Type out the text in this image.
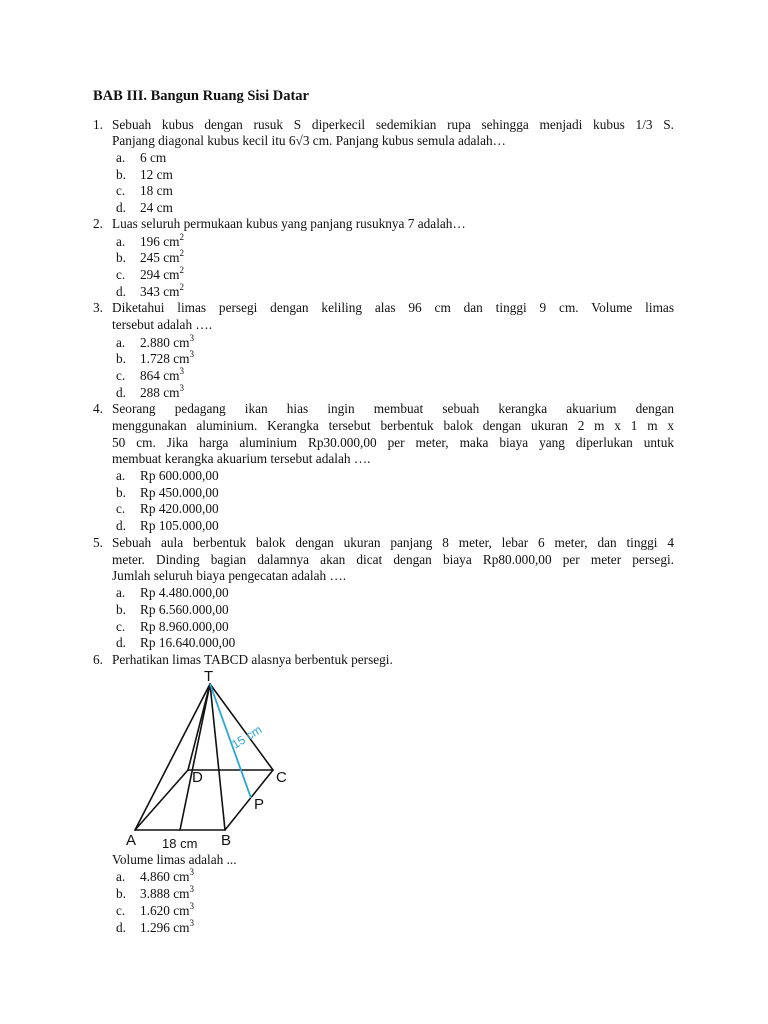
BAB III. Bangun Ruang Sisi Datar
1. Sebuah kubus dengan rusuk S diperkecil sedemikian rupa sehingga menjadi kubus 1/3 S.
Panjang diagonal kubus kecil itu 6√3 cm. Panjang kubus semula adalah…
a. 6 cm
b. 12 cm
c. 18 cm
d. 24 cm
2. Luas seluruh permukaan kubus yang panjang rusuknya 7 adalah…
a. 196 $cm^2$
b. 245 $cm^2$
c. 294 $cm^2$
d. 343 $cm^2$
3. Diketahui limas persegi dengan keliling alas 96 cm dan tinggi 9 cm. Volume limas
tersebut adalah ….
a. 2.880 $cm^3$
b. 1.728 $cm^3$
c. 864 $cm^3$
d. 288 $cm^3$
4. Seorang pedagang ikan hias ingin membuat sebuah kerangka akuarium dengan
menggunakan aluminium. Kerangka tersebut berbentuk balok dengan ukuran 2 m x 1 m x
50 cm. Jika harga aluminium Rp30.000,00 per meter, maka biaya yang diperlukan untuk
membuat kerangka akuarium tersebut adalah ….
a. Rp 600.000,00
b. Rp 450.000,00
c. Rp 420.000,00
d. Rp 105.000,00
5. Sebuah aula berbentuk balok dengan ukuran panjang 8 meter, lebar 6 meter, dan tinggi 4
meter. Dinding bagian dalamnya akan dicat dengan biaya Rp80.000,00 per meter persegi.
Jumlah seluruh biaya pengecatan adalah ….
a. Rp 4.480.000,00
b. Rp 6.560.000,00
c. Rp 8.960.000,00
d. Rp 16.640.000,00
6. Perhatikan limas TABCD alasnya berbentuk persegi.
T
A	B
C
D
P
15 cm
18 cm
Volume limas adalah ...
a. 4.860 $cm^3$
b. 3.888 $cm^3$
c. 1.620 $cm^3$
d. 1.296 $cm^3$
